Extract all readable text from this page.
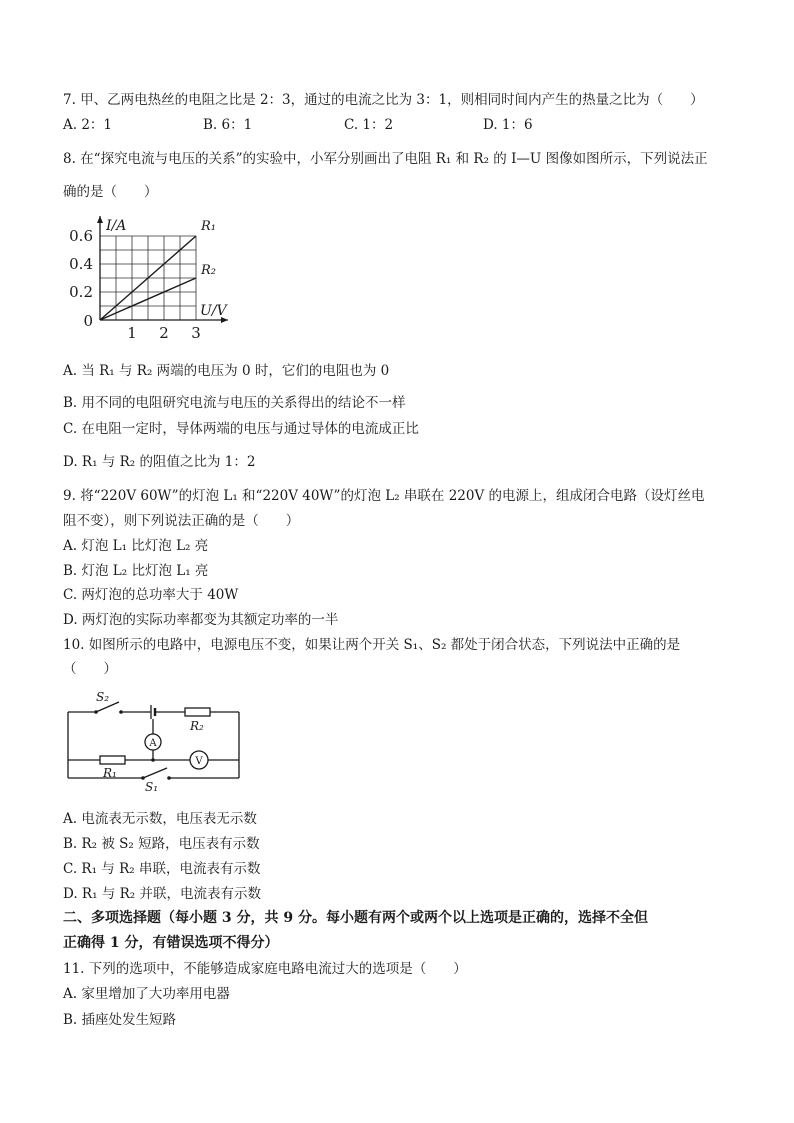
7. 甲、乙两电热丝的电阻之比是 2：3，通过的电流之比为 3：1，则相同时间内产生的热量之比为（　　）
A. 2：1	B. 6：1	C. 1：2	D. 1：6
8. 在“探究电流与电压的关系”的实验中，小军分别画出了电阻 R₁ 和 R₂ 的 I—U 图像如图所示，下列说法正
确的是（　　）
R₁
R₂
0.2
0.4
0.6
0
1 2 3
I/A
U/V
A. 当 R₁ 与 R₂ 两端的电压为 0 时，它们的电阻也为 0
B. 用不同的电阻研究电流与电压的关系得出的结论不一样
C. 在电阻一定时，导体两端的电压与通过导体的电流成正比
D. R₁ 与 R₂ 的阻值之比为 1：2
9. 将“220V 60W”的灯泡 L₁ 和“220V 40W”的灯泡 L₂ 串联在 220V 的电源上，组成闭合电路（设灯丝电
阻不变），则下列说法正确的是（　　）
A. 灯泡 L₁ 比灯泡 L₂ 亮
B. 灯泡 L₂ 比灯泡 L₁ 亮
C. 两灯泡的总功率大于 40W
D. 两灯泡的实际功率都变为其额定功率的一半
10. 如图所示的电路中，电源电压不变，如果让两个开关 S₁、S₂ 都处于闭合状态，下列说法中正确的是
（　　）
S₂
R₂
R₁
S₁
A
V
A. 电流表无示数，电压表无示数
B. R₂ 被 S₂ 短路，电压表有示数
C. R₁ 与 R₂ 串联，电流表有示数
D. R₁ 与 R₂ 并联，电流表有示数
二、多项选择题（每小题 3 分，共 9 分。每小题有两个或两个以上选项是正确的，选择不全但
正确得 1 分，有错误选项不得分）
11. 下列的选项中，不能够造成家庭电路电流过大的选项是（　　）
A. 家里增加了大功率用电器
B. 插座处发生短路
